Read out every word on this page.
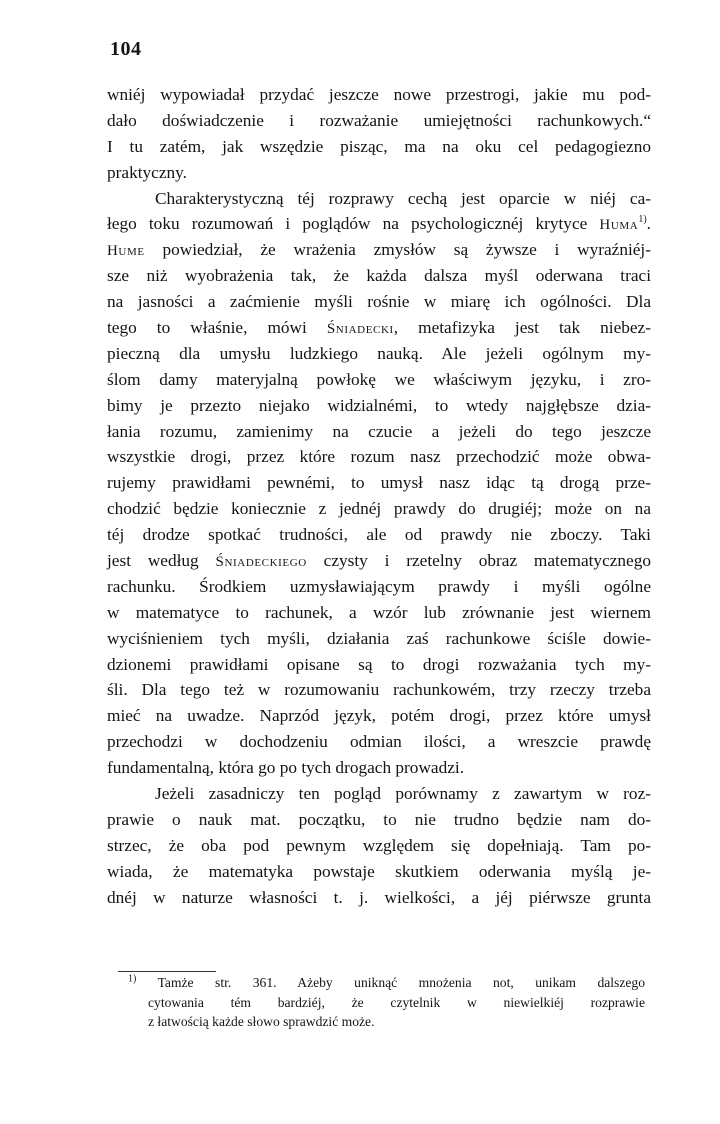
104
wniéj wypowiadał przydać jeszcze nowe przestrogi, jakie mu pod-
dało doświadczenie i rozważanie umiejętności rachunkowych.“
I tu zatém, jak wszędzie pisząc, ma na oku cel pedagogiezno
praktyczny.
Charakterystyczną téj rozprawy cechą jest oparcie w niéj ca-
łego toku rozumowań i poglądów na psychologicznéj krytyce Huma$^{1)}$.
Hume powiedział, że wrażenia zmysłów są żywsze i wyraźniéj-
sze niż wyobrażenia tak, że każda dalsza myśl oderwana traci
na jasności a zaćmienie myśli rośnie w miarę ich ogólności. Dla
tego to właśnie, mówi Śniadecki, metafizyka jest tak niebez-
pieczną dla umysłu ludzkiego nauką. Ale jeżeli ogólnym my-
ślom damy materyjalną powłokę we właściwym języku, i zro-
bimy je przezto niejako widzialnémi, to wtedy najgłębsze dzia-
łania rozumu, zamienimy na czucie a jeżeli do tego jeszcze
wszystkie drogi, przez które rozum nasz przechodzić może obwa-
rujemy prawidłami pewnémi, to umysł nasz idąc tą drogą prze-
chodzić będzie koniecznie z jednéj prawdy do drugiéj; może on na
téj drodze spotkać trudności, ale od prawdy nie zboczy. Taki
jest według Śniadeckiego czysty i rzetelny obraz matematycznego
rachunku. Środkiem uzmysławiającym prawdy i myśli ogólne
w matematyce to rachunek, a wzór lub zrównanie jest wiernem
wyciśnieniem tych myśli, działania zaś rachunkowe ściśle dowie-
dzionemi prawidłami opisane są to drogi rozważania tych my-
śli. Dla tego też w rozumowaniu rachunkowém, trzy rzeczy trzeba
mieć na uwadze. Naprzód język, potém drogi, przez które umysł
przechodzi w dochodzeniu odmian ilości, a wreszcie prawdę
fundamentalną, która go po tych drogach prowadzi.
Jeżeli zasadniczy ten pogląd porównamy z zawartym w roz-
prawie o nauk mat. początku, to nie trudno będzie nam do-
strzec, że oba pod pewnym względem się dopełniają. Tam po-
wiada, że matematyka powstaje skutkiem oderwania myślą je-
dnéj w naturze własności t. j. wielkości, a jéj piérwsze grunta
$^{1)}$ Tamże str. 361. Ażeby uniknąć mnożenia not, unikam dalszego
cytowania tém bardziéj, że czytelnik w niewielkiéj rozprawie
z łatwością każde słowo sprawdzić może.
